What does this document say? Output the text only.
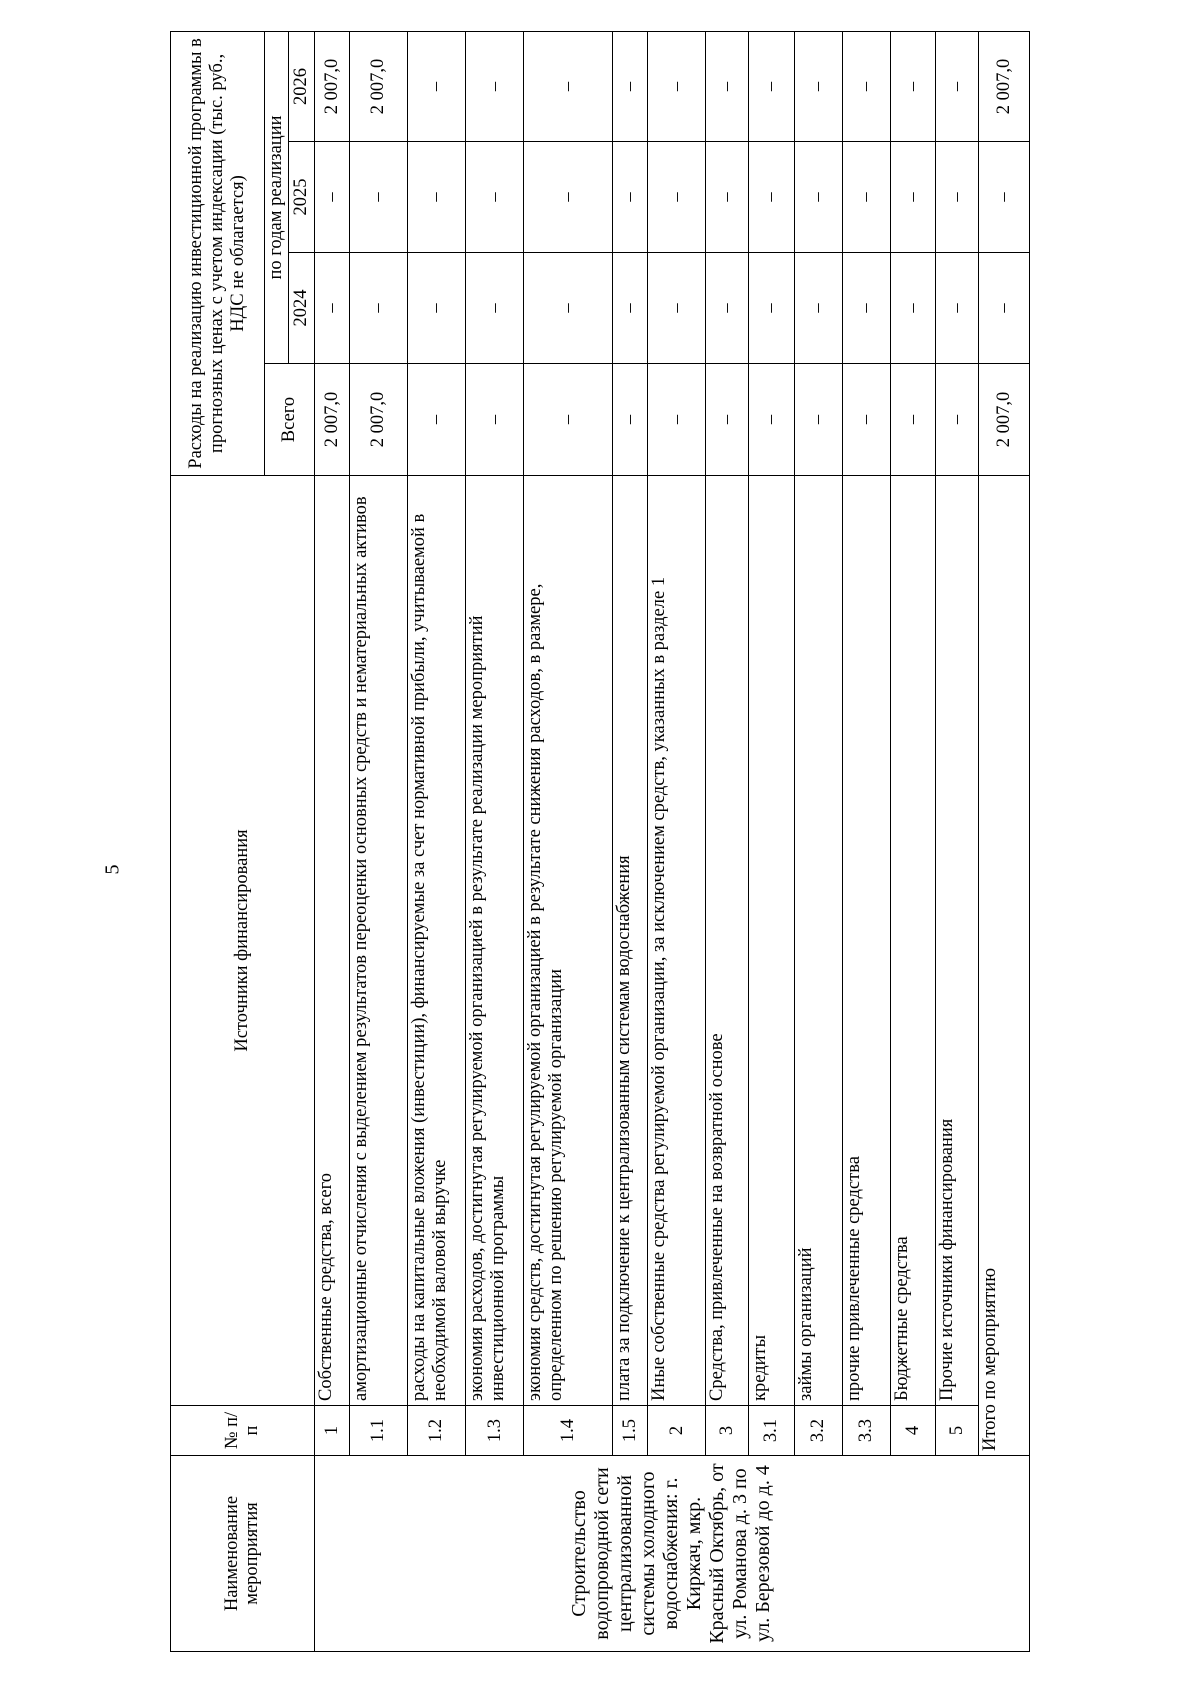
5
Наименование мероприятия	№ п/п	Источники финансирования	Расходы на реализацию инвестиционной программы в прогнозных ценах с учетом индексации (тыс. руб., НДС не облагается)			
			Всего	по годам реализации		
				2024	2025	2026
Строительство водопроводной сети централизованной системы холодного водоснабжения: г. Киржач, мкр. Красный Октябрь, от ул. Романова д. 3 по ул. Березовой до д. 4	1	Собственные средства, всего	2 007,0	–	–	2 007,0
	1.1	амортизационные отчисления с выделением результатов переоценки основных средств и нематериальных активов	2 007,0	–	–	2 007,0
	1.2	расходы на капитальные вложения (инвестиции), финансируемые за счет нормативной прибыли, учитываемой в необходимой валовой выручке	–	–	–	–
	1.3	экономия расходов, достигнутая регулируемой организацией в результате реализации мероприятий инвестиционной программы	–	–	–	–
	1.4	экономия средств, достигнутая регулируемой организацией в результате снижения расходов, в размере, определенном по решению регулируемой организации	–	–	–	–
	1.5	плата за подключение к централизованным системам водоснабжения	–	–	–	–
	2	Иные собственные средства регулируемой организации, за исключением средств, указанных в разделе 1	–	–	–	–
	3	Средства, привлеченные на возвратной основе	–	–	–	–
	3.1	кредиты	–	–	–	–
	3.2	займы организаций	–	–	–	–
	3.3	прочие привлеченные средства	–	–	–	–
	4	Бюджетные средства	–	–	–	–
	5	Прочие источники финансирования	–	–	–	–
	Итого по мероприятию		2 007,0	–	–	2 007,0
